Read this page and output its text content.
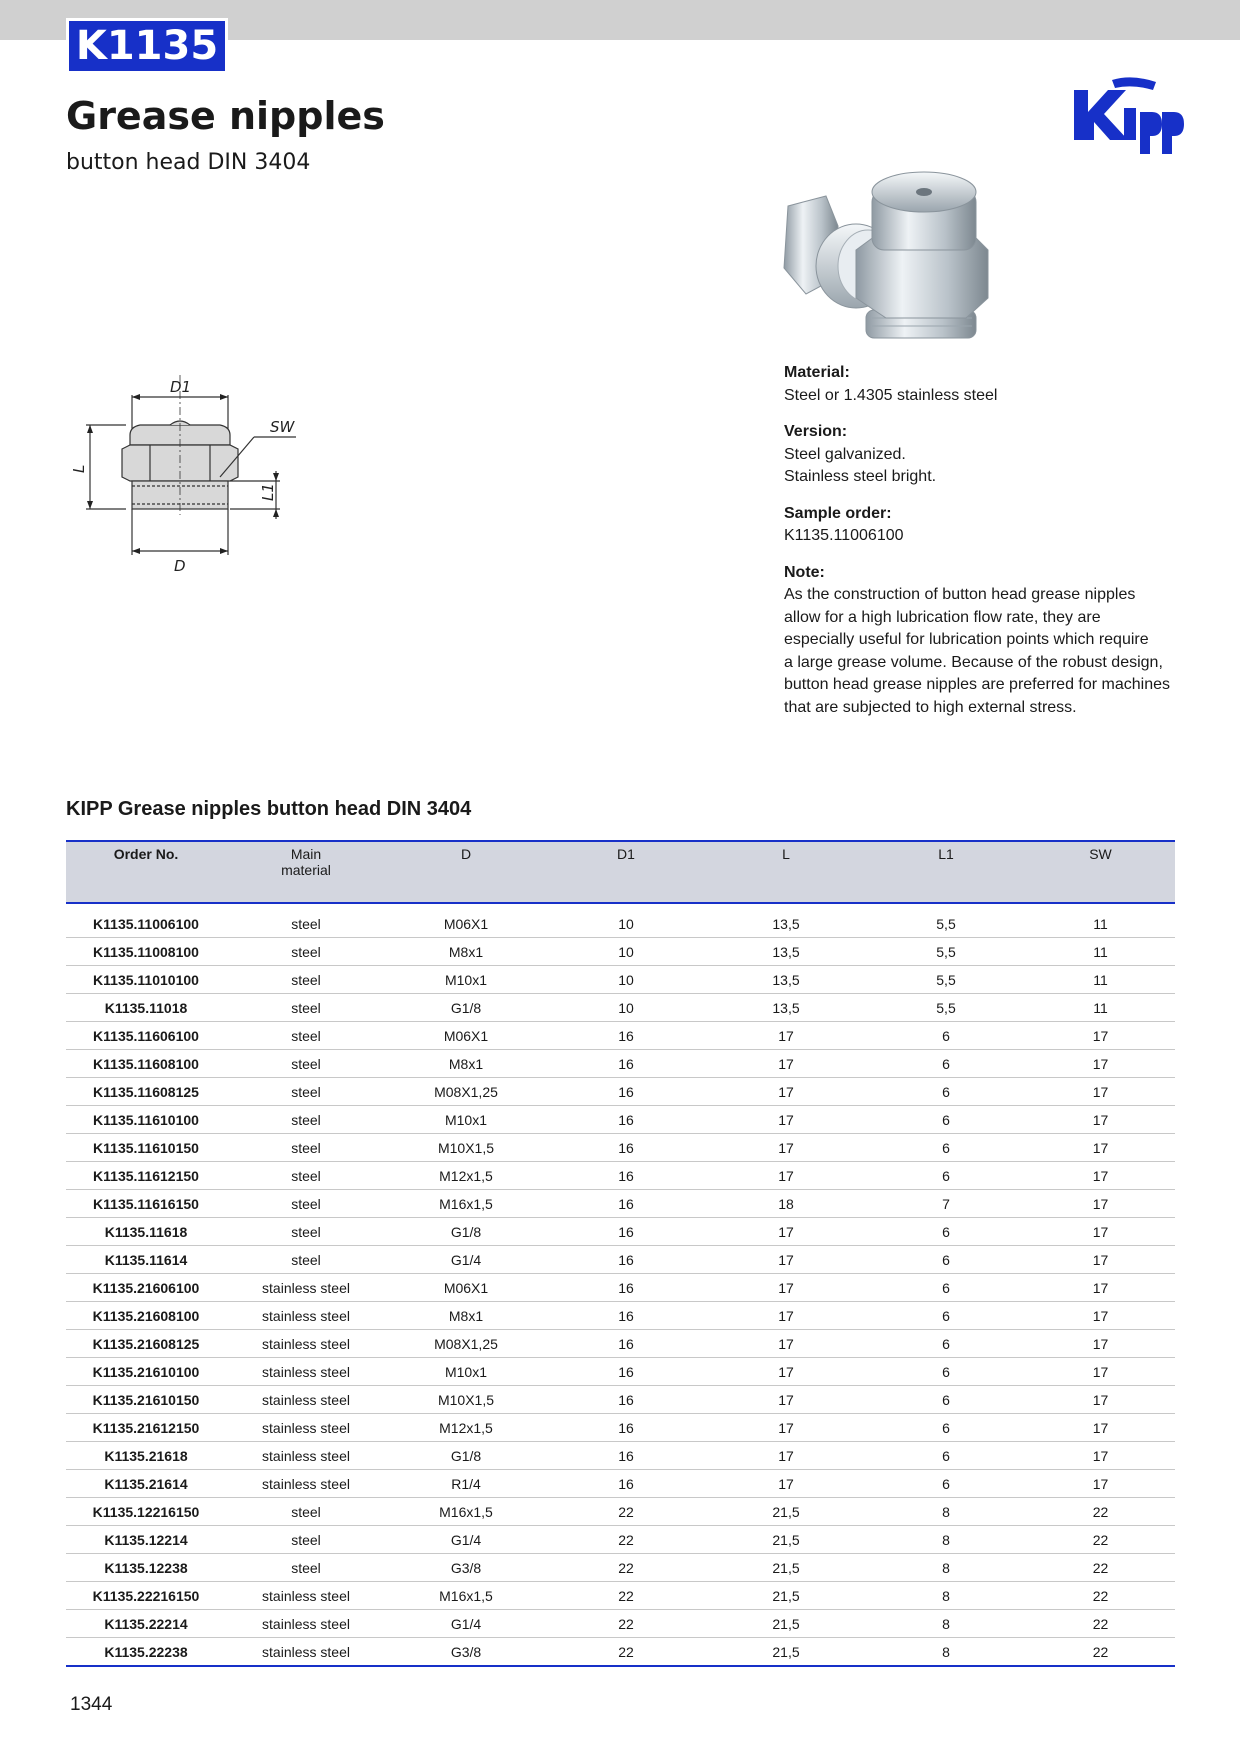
K1135
Grease nipples
button head DIN 3404
D1
SW
L
L1
D
Material:
Steel or 1.4305 stainless steel
Version:
Steel galvanized.
Stainless steel bright.
Sample order:
K1135.11006100
Note:
As the construction of button head grease nipples
allow for a high lubrication flow rate, they are
especially useful for lubrication points which require
a large grease volume. Because of the robust design,
button head grease nipples are preferred for machines
that are subjected to high external stress.
KIPP Grease nipples button head DIN 3404
Order No.	Main
material	D	D1	L	L1	SW
K1135.11006100	steel	M06X1	10	13,5	5,5	11
K1135.11008100	steel	M8x1	10	13,5	5,5	11
K1135.11010100	steel	M10x1	10	13,5	5,5	11
K1135.11018	steel	G1/8	10	13,5	5,5	11
K1135.11606100	steel	M06X1	16	17	6	17
K1135.11608100	steel	M8x1	16	17	6	17
K1135.11608125	steel	M08X1,25	16	17	6	17
K1135.11610100	steel	M10x1	16	17	6	17
K1135.11610150	steel	M10X1,5	16	17	6	17
K1135.11612150	steel	M12x1,5	16	17	6	17
K1135.11616150	steel	M16x1,5	16	18	7	17
K1135.11618	steel	G1/8	16	17	6	17
K1135.11614	steel	G1/4	16	17	6	17
K1135.21606100	stainless steel	M06X1	16	17	6	17
K1135.21608100	stainless steel	M8x1	16	17	6	17
K1135.21608125	stainless steel	M08X1,25	16	17	6	17
K1135.21610100	stainless steel	M10x1	16	17	6	17
K1135.21610150	stainless steel	M10X1,5	16	17	6	17
K1135.21612150	stainless steel	M12x1,5	16	17	6	17
K1135.21618	stainless steel	G1/8	16	17	6	17
K1135.21614	stainless steel	R1/4	16	17	6	17
K1135.12216150	steel	M16x1,5	22	21,5	8	22
K1135.12214	steel	G1/4	22	21,5	8	22
K1135.12238	steel	G3/8	22	21,5	8	22
K1135.22216150	stainless steel	M16x1,5	22	21,5	8	22
K1135.22214	stainless steel	G1/4	22	21,5	8	22
K1135.22238	stainless steel	G3/8	22	21,5	8	22
1344
